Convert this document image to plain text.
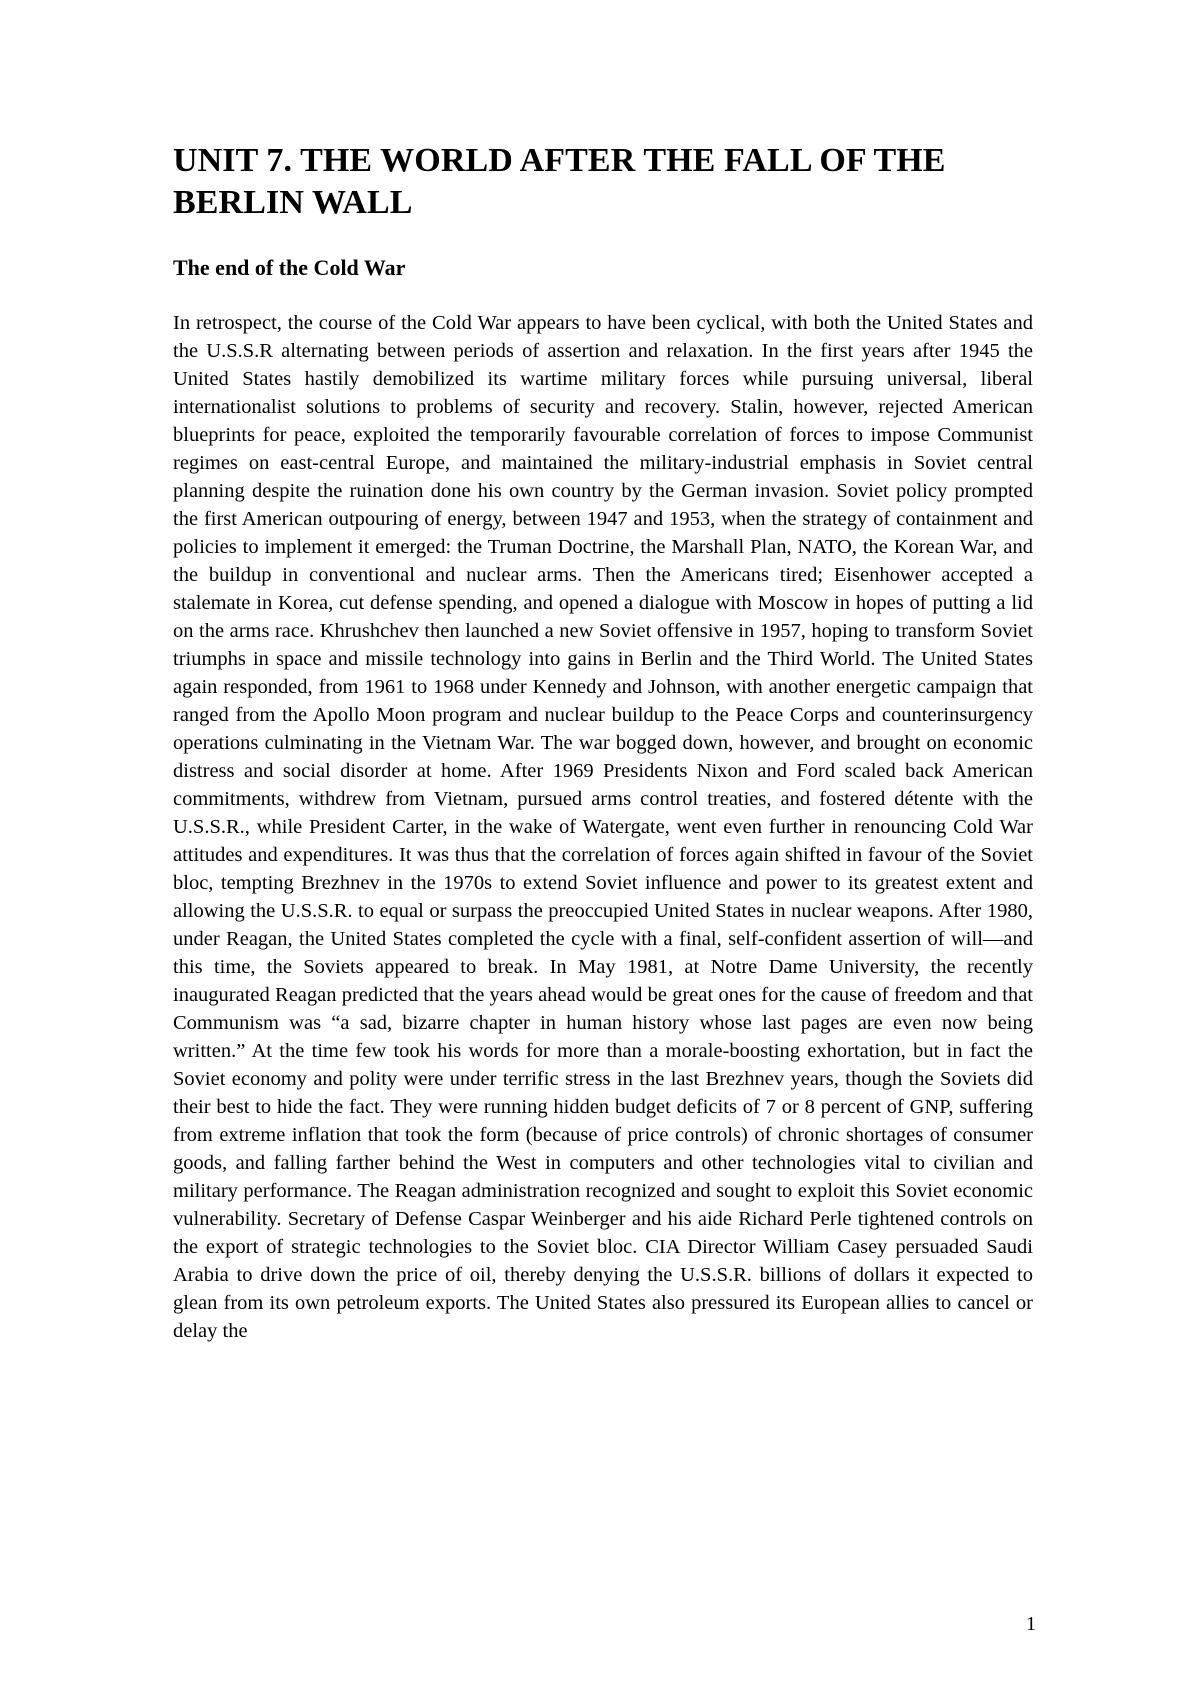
UNIT 7. THE WORLD AFTER THE FALL OF THE BERLIN WALL
The end of the Cold War

In retrospect, the course of the Cold War appears to have been cyclical, with both the United States and the U.S.S.R alternating between periods of assertion and relaxation. In the first years after 1945 the United States hastily demobilized its wartime military forces while pursuing universal, liberal internationalist solutions to problems of security and recovery. Stalin, however, rejected American blueprints for peace, exploited the temporarily favourable correlation of forces to impose Communist regimes on east-central Europe, and maintained the military-industrial emphasis in Soviet central planning despite the ruination done his own country by the German invasion. Soviet policy prompted the first American outpouring of energy, between 1947 and 1953, when the strategy of containment and policies to implement it emerged: the Truman Doctrine, the Marshall Plan, NATO, the Korean War, and the buildup in conventional and nuclear arms. Then the Americans tired; Eisenhower accepted a stalemate in Korea, cut defense spending, and opened a dialogue with Moscow in hopes of putting a lid on the arms race. Khrushchev then launched a new Soviet offensive in 1957, hoping to transform Soviet triumphs in space and missile technology into gains in Berlin and the Third World. The United States again responded, from 1961 to 1968 under Kennedy and Johnson, with another energetic campaign that ranged from the Apollo Moon program and nuclear buildup to the Peace Corps and counterinsurgency operations culminating in the Vietnam War. The war bogged down, however, and brought on economic distress and social disorder at home. After 1969 Presidents Nixon and Ford scaled back American commitments, withdrew from Vietnam, pursued arms control treaties, and fostered détente with the U.S.S.R., while President Carter, in the wake of Watergate, went even further in renouncing Cold War attitudes and expenditures. It was thus that the correlation of forces again shifted in favour of the Soviet bloc, tempting Brezhnev in the 1970s to extend Soviet influence and power to its greatest extent and allowing the U.S.S.R. to equal or surpass the preoccupied United States in nuclear weapons. After 1980, under Reagan, the United States completed the cycle with a final, self-confident assertion of will—and this time, the Soviets appeared to break. In May 1981, at Notre Dame University, the recently inaugurated Reagan predicted that the years ahead would be great ones for the cause of freedom and that Communism was “a sad, bizarre chapter in human history whose last pages are even now being written.” At the time few took his words for more than a morale-boosting exhortation, but in fact the Soviet economy and polity were under terrific stress in the last Brezhnev years, though the Soviets did their best to hide the fact. They were running hidden budget deficits of 7 or 8 percent of GNP, suffering from extreme inflation that took the form (because of price controls) of chronic shortages of consumer goods, and falling farther behind the West in computers and other technologies vital to civilian and military performance. The Reagan administration recognized and sought to exploit this Soviet economic vulnerability. Secretary of Defense Caspar Weinberger and his aide Richard Perle tightened controls on the export of strategic technologies to the Soviet bloc. CIA Director William Casey persuaded Saudi Arabia to drive down the price of oil, thereby denying the U.S.S.R. billions of dollars it expected to glean from its own petroleum exports. The United States also pressured its European allies to cancel or delay the

1
